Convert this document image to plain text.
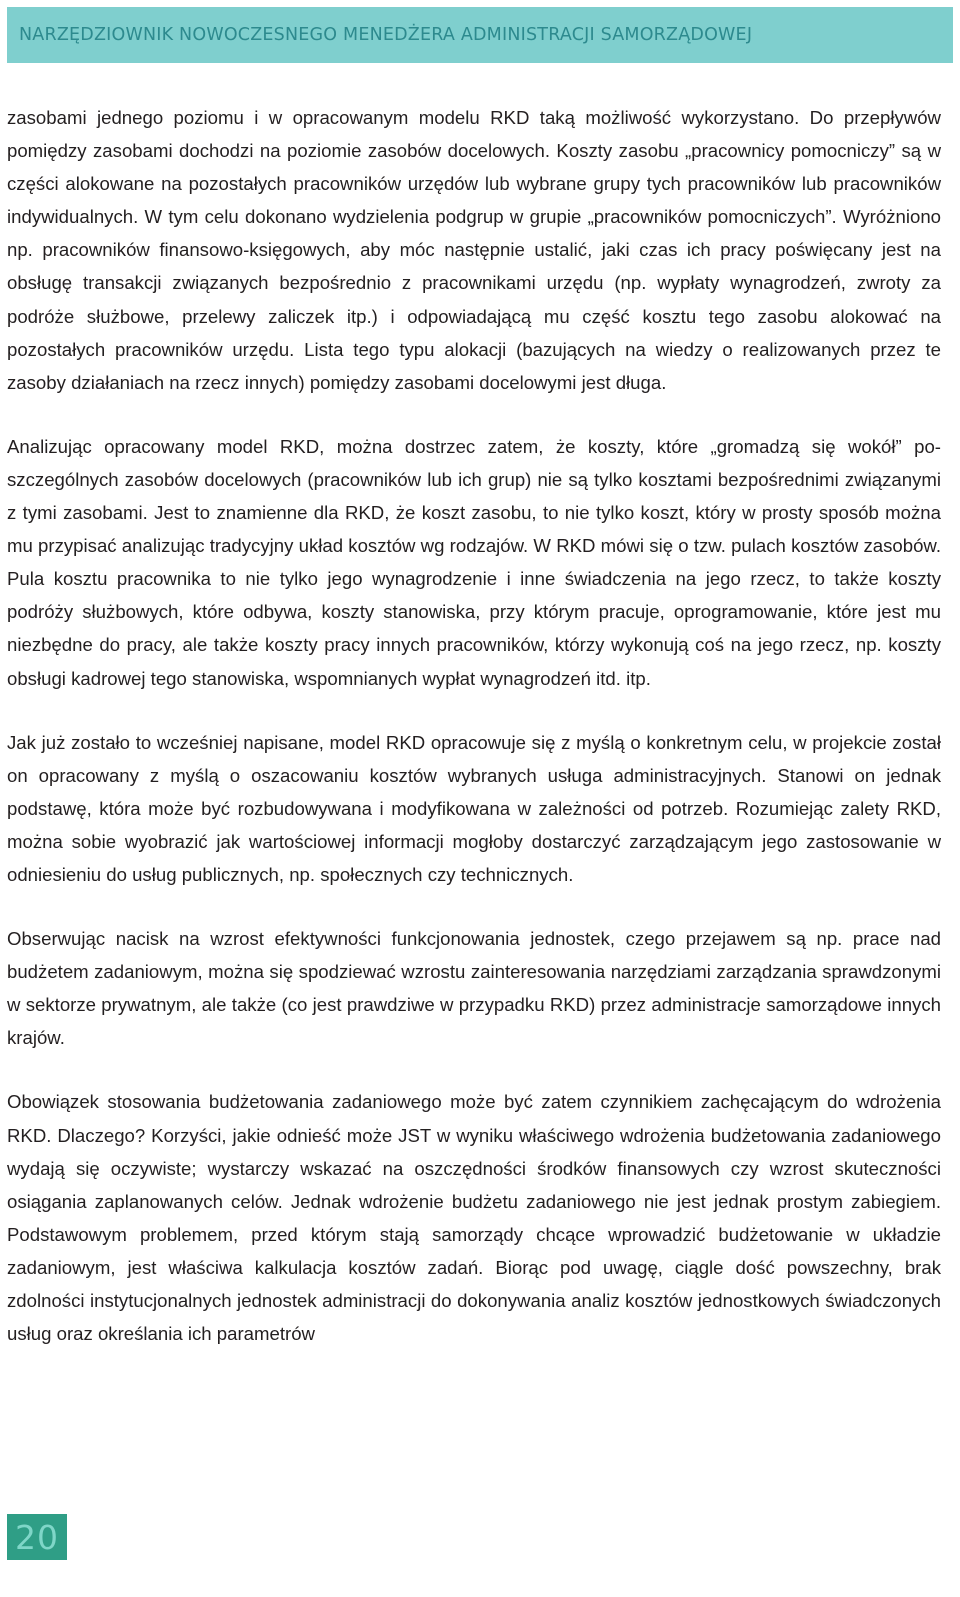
NARZĘDZIOWNIK NOWOCZESNEGO MENEDŻERA ADMINISTRACJI SAMORZĄDOWEJ

zasobami jednego poziomu i w opracowanym modelu RKD taką możliwość wykorzystano. Do przepływów pomiędzy zasobami dochodzi na poziomie zasobów docelowych. Koszty zasobu „pracownicy pomocniczy” są w części alokowane na pozostałych pracowników urzędów lub wybrane grupy tych pracowników lub pracowników indywidualnych. W tym celu dokonano wydzielenia podgrup w grupie „pracowników pomocniczych”. Wyróżniono np. pracowników finansowo-księgowych, aby móc następnie ustalić, jaki czas ich pracy poświęcany jest na obsługę transakcji związanych bezpośrednio z pracownikami urzędu (np. wypłaty wynagrodzeń, zwroty za podróże służbowe, przelewy zaliczek itp.) i odpowiadającą mu część kosztu tego zasobu alokować na pozostałych pracowników urzędu. Lista tego typu alokacji (bazujących na wiedzy o realizowanych przez te zasoby działaniach na rzecz innych) pomiędzy zasobami docelowymi jest długa.

Analizując opracowany model RKD, można dostrzec zatem, że koszty, które „gromadzą się wokół” poszczególnych zasobów docelowych (pracowników lub ich grup) nie są tylko kosztami bezpośrednimi związanymi z tymi zasobami. Jest to znamienne dla RKD, że koszt zasobu, to nie tylko koszt, który w prosty sposób można mu przypisać analizując tradycyjny układ kosztów wg rodzajów. W RKD mówi się o tzw. pulach kosztów zasobów. Pula kosztu pracownika to nie tylko jego wynagrodzenie i inne świadczenia na jego rzecz, to także koszty podróży służbowych, które odbywa, koszty stanowiska, przy którym pracuje, oprogramowanie, które jest mu niezbędne do pracy, ale także koszty pracy innych pracowników, którzy wykonują coś na jego rzecz, np. koszty obsługi kadrowej tego stanowiska, wspomnianych wypłat wynagrodzeń itd. itp.

Jak już zostało to wcześniej napisane, model RKD opracowuje się z myślą o konkretnym celu, w projekcie został on opracowany z myślą o oszacowaniu kosztów wybranych usługa administracyjnych. Stanowi on jednak podstawę, która może być rozbudowywana i modyfikowana w zależności od potrzeb. Rozumiejąc zalety RKD, można sobie wyobrazić jak wartościowej informacji mogłoby dostarczyć zarządzającym jego zastosowanie w odniesieniu do usług publicznych, np. społecznych czy technicznych.

Obserwując nacisk na wzrost efektywności funkcjonowania jednostek, czego przejawem są np. prace nad budżetem zadaniowym, można się spodziewać wzrostu zainteresowania narzędziami zarządzania sprawdzonymi w sektorze prywatnym, ale także (co jest prawdziwe w przypadku RKD) przez administracje samorządowe innych krajów.

Obowiązek stosowania budżetowania zadaniowego może być zatem czynnikiem zachęcającym do wdrożenia RKD. Dlaczego? Korzyści, jakie odnieść może JST w wyniku właściwego wdrożenia budżetowania zadaniowego wydają się oczywiste; wystarczy wskazać na oszczędności środków finansowych czy wzrost skuteczności osiągania zaplanowanych celów. Jednak wdrożenie budżetu zadaniowego nie jest jednak prostym zabiegiem. Podstawowym problemem, przed którym stają samorządy chcące wprowadzić budżetowanie w układzie zadaniowym, jest właściwa kalkulacja kosztów zadań. Biorąc pod uwagę, ciągle dość powszechny, brak zdolności instytucjonalnych jednostek administracji do dokonywania analiz kosztów jednostkowych świadczonych usług oraz określania ich parametrów

20
